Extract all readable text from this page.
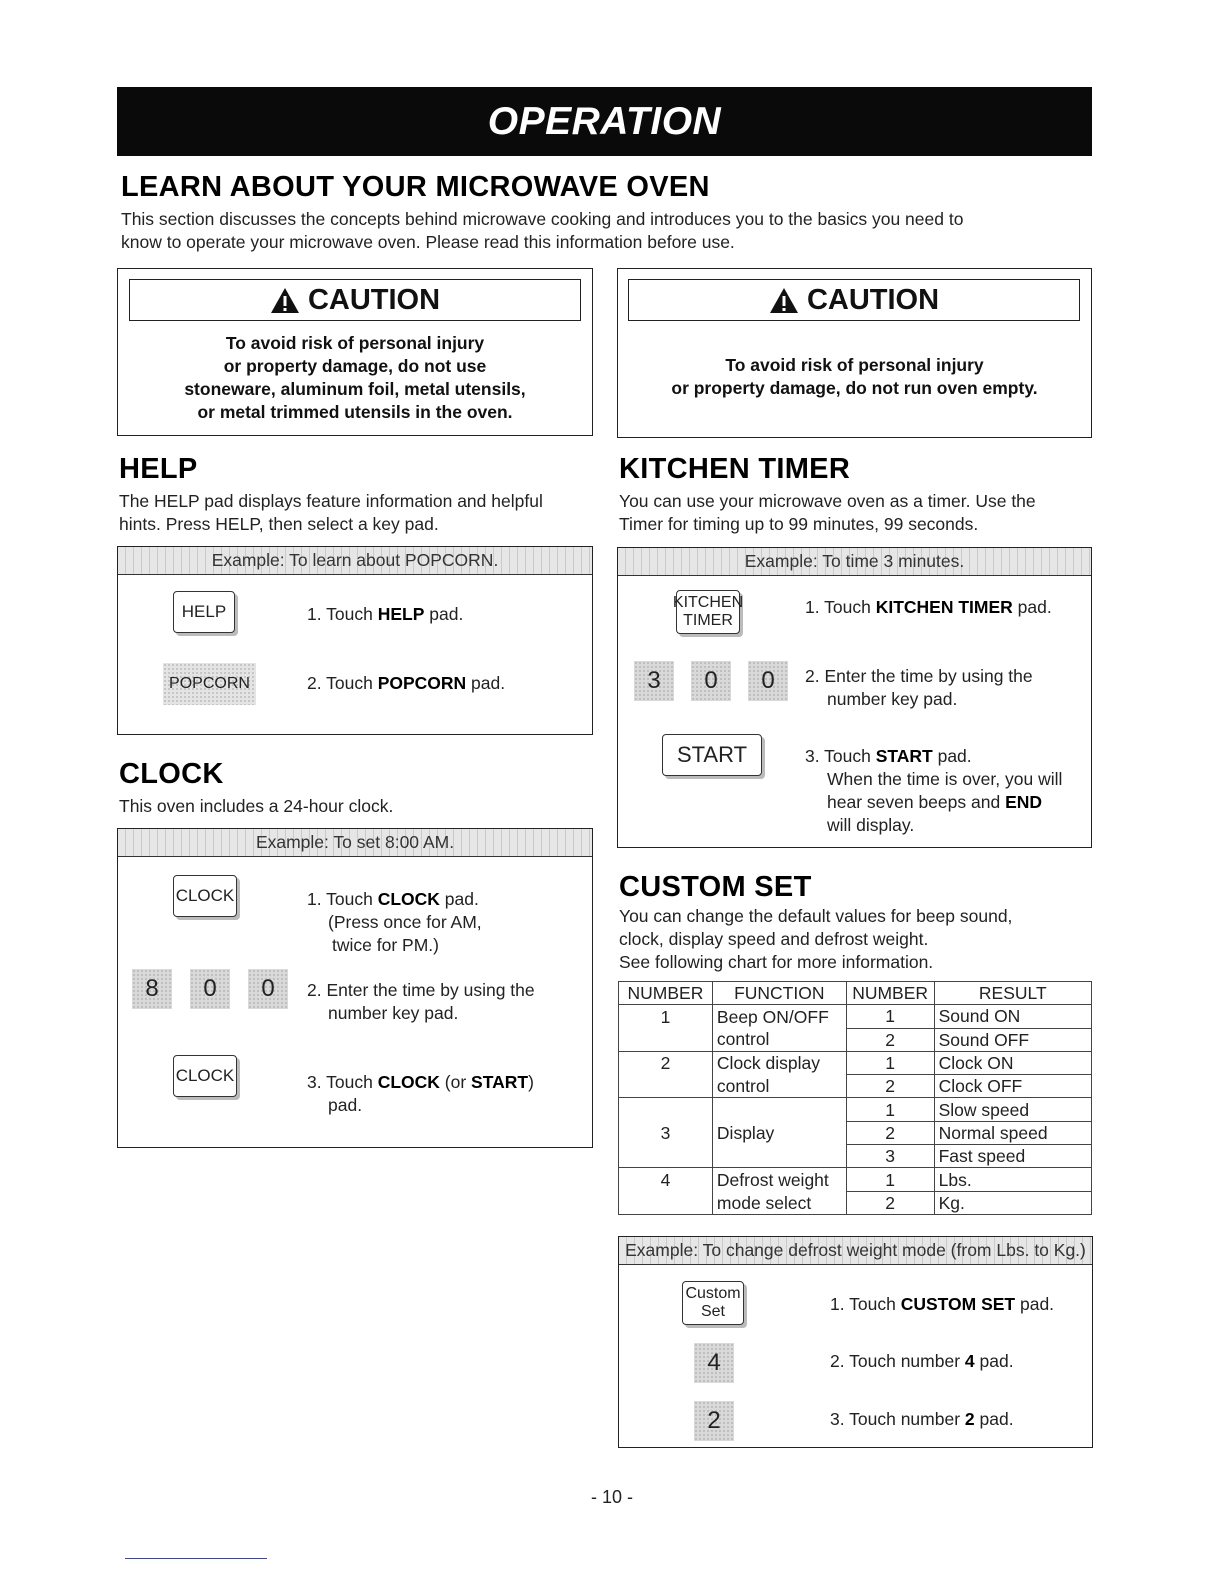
OPERATION
LEARN ABOUT YOUR MICROWAVE OVEN

This section discusses the concepts behind microwave cooking and introduces you to the basics you need to

know to operate your microwave oven. Please read this information before use.

CAUTION
To avoid risk of personal injury
or property damage, do not use
stoneware, aluminum foil, metal utensils,
or metal trimmed utensils in the oven.
CAUTION
To avoid risk of personal injury
or property damage, do not run oven empty.
HELP

The HELP pad displays feature information and helpful

hints. Press HELP, then select a key pad.

Example: To learn about POPCORN.
HELP	1. Touch HELP pad.
POPCORN	2. Touch POPCORN pad.
CLOCK

This oven includes a 24-hour clock.

Example: To set 8:00 AM.
CLOCK	1. Touch CLOCK pad.
(Press once for AM,
twice for PM.)
8	0	0	2. Enter the time by using the
number key pad.
CLOCK	3. Touch CLOCK (or START)
pad.
KITCHEN TIMER

You can use your microwave oven as a timer. Use the

Timer for timing up to 99 minutes, 99 seconds.

Example: To time 3 minutes.
KITCHEN
TIMER
1. Touch KITCHEN TIMER pad.
3	0	0	2. Enter the time by using the
number key pad.
START	3. Touch START pad.
When the time is over, you will
hear seven beeps and END
will display.
CUSTOM SET

You can change the default values for beep sound,

clock, display speed and defrost weight.

See following chart for more information.

NUMBER	FUNCTION	NUMBER	RESULT
1	Beep ON/OFF	1	Sound ON
	control	2	Sound OFF
2	Clock display	1	Clock ON
	control	2	Clock OFF
3	Display	1	Slow speed
		2	Normal speed
		3	Fast speed
4	Defrost weight	1	Lbs.
	mode select	2	Kg.
Example: To change defrost weight mode (from Lbs. to Kg.)
Custom
Set	1. Touch CUSTOM SET pad.
4	2. Touch number 4 pad.
2	3. Touch number 2 pad.
- 10 -
